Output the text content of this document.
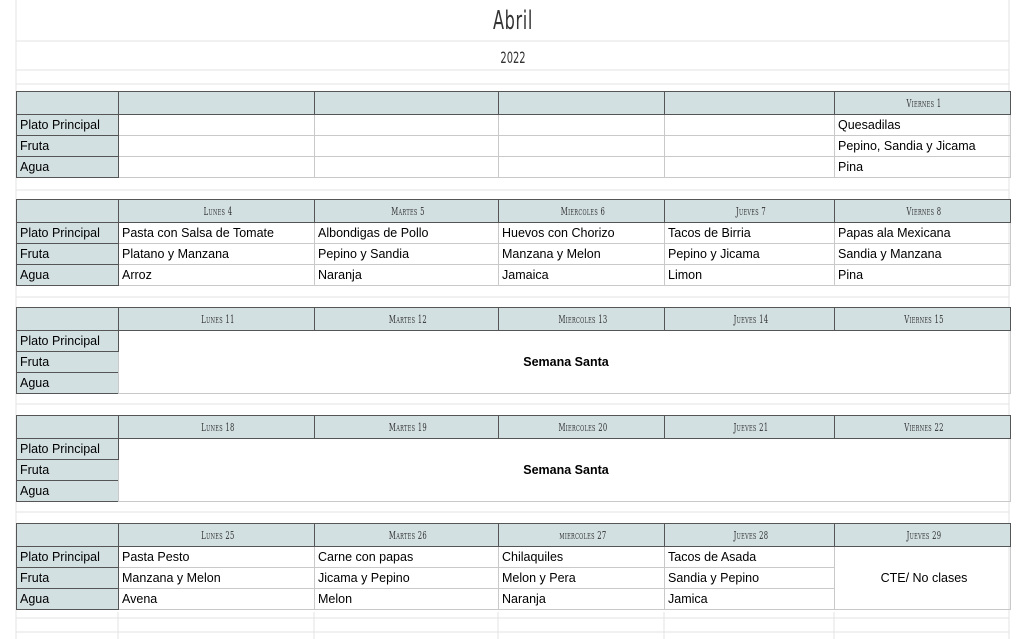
Abril
2022

					Viernes 1

Plato Principal					Quesadilas
Fruta					Pepino, Sandia y Jicama
Agua					Pina

	Lunes 4	Martes 5	Miercoles 6	Jueves 7	Viernes 8

Plato Principal	Pasta con Salsa de Tomate	Albondigas de Pollo	Huevos con Chorizo	Tacos de Birria	Papas ala Mexicana
Fruta	Platano y Manzana	Pepino y Sandia	Manzana y Melon	Pepino y Jicama	Sandia y Manzana
Agua	Arroz	Naranja	Jamaica	Limon	Pina

	Lunes 11	Martes 12	Miercoles 13	Jueves 14	Viernes 15

Plato Principal	Semana Santa				
Fruta					
Agua					

	Lunes 18	Martes 19	Miercoles 20	Jueves 21	Viernes 22

Plato Principal	Semana Santa				
Fruta					
Agua					

	Lunes 25	Martes 26	miercoles 27	Jueves 28	Jueves 29

Plato Principal	Pasta Pesto	Carne con papas	Chilaquiles	Tacos de Asada	CTE/ No clases
Fruta	Manzana y Melon	Jicama y Pepino	Melon y Pera	Sandia y Pepino	
Agua	Avena	Melon	Naranja	Jamica	
